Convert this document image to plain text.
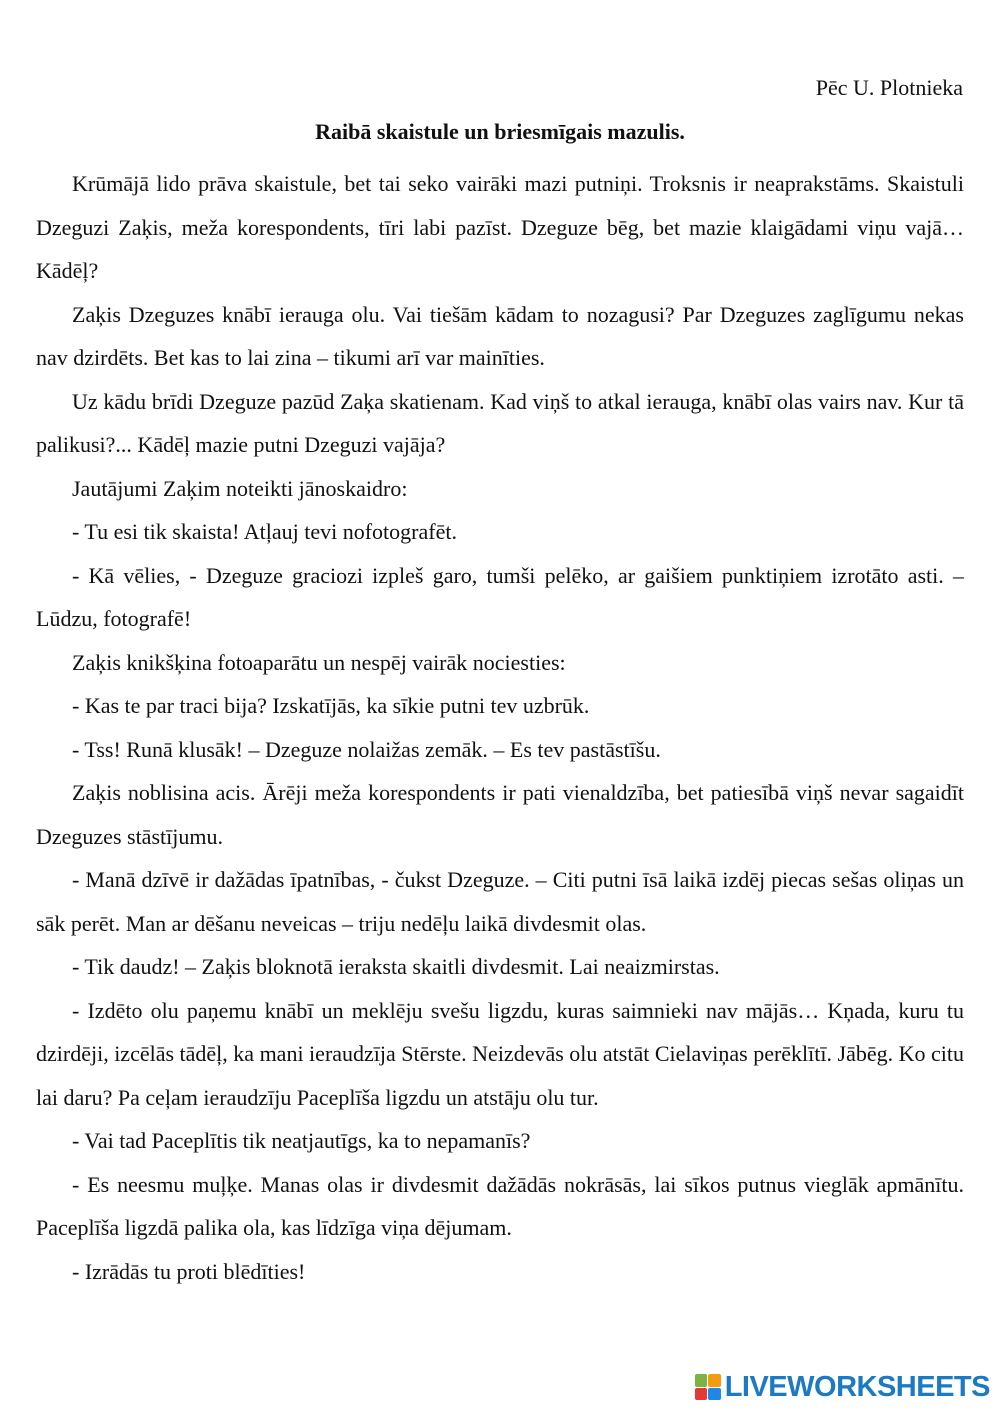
Pēc U. Plotnieka
Raibā skaistule un briesmīgais mazulis.

Krūmājā lido prāva skaistule, bet tai seko vairāki mazi putniņi. Troksnis ir neaprakstāms. Skaistuli Dzeguzi Zaķis, meža korespondents, tīri labi pazīst. Dzeguze bēg, bet mazie klaigādami viņu vajā… Kādēļ?

Zaķis Dzeguzes knābī ierauga olu. Vai tiešām kādam to nozagusi? Par Dzeguzes zaglīgumu nekas nav dzirdēts. Bet kas to lai zina – tikumi arī var mainīties.

Uz kādu brīdi Dzeguze pazūd Zaķa skatienam. Kad viņš to atkal ierauga, knābī olas vairs nav. Kur tā palikusi?... Kādēļ mazie putni Dzeguzi vajāja?

Jautājumi Zaķim noteikti jānoskaidro:

- Tu esi tik skaista! Atļauj tevi nofotografēt.

- Kā vēlies, - Dzeguze graciozi izpleš garo, tumši pelēko, ar gaišiem punktiņiem izrotāto asti. – Lūdzu, fotografē!

Zaķis knikšķina fotoaparātu un nespēj vairāk nociesties:

- Kas te par traci bija? Izskatījās, ka sīkie putni tev uzbrūk.

- Tss! Runā klusāk! – Dzeguze nolaižas zemāk. – Es tev pastāstīšu.

Zaķis noblisina acis. Ārēji meža korespondents ir pati vienaldzība, bet patiesībā viņš nevar sagaidīt Dzeguzes stāstījumu.

- Manā dzīvē ir dažādas īpatnības, - čukst Dzeguze. – Citi putni īsā laikā izdēj piecas sešas oliņas un sāk perēt. Man ar dēšanu neveicas – triju nedēļu laikā divdesmit olas.

- Tik daudz! – Zaķis bloknotā ieraksta skaitli divdesmit. Lai neaizmirstas.

- Izdēto olu paņemu knābī un meklēju svešu ligzdu, kuras saimnieki nav mājās… Kņada, kuru tu dzirdēji, izcēlās tādēļ, ka mani ieraudzīja Stērste. Neizdevās olu atstāt Cielaviņas perēklītī. Jābēg. Ko citu lai daru? Pa ceļam ieraudzīju Paceplīša ligzdu un atstāju olu tur.

- Vai tad Paceplītis tik neatjautīgs, ka to nepamanīs?

- Es neesmu muļķe. Manas olas ir divdesmit dažādās nokrāsās, lai sīkos putnus vieglāk apmānītu. Paceplīša ligzdā palika ola, kas līdzīga viņa dējumam.

- Izrādās tu proti blēdīties!

LIVEWORKSHEETS
